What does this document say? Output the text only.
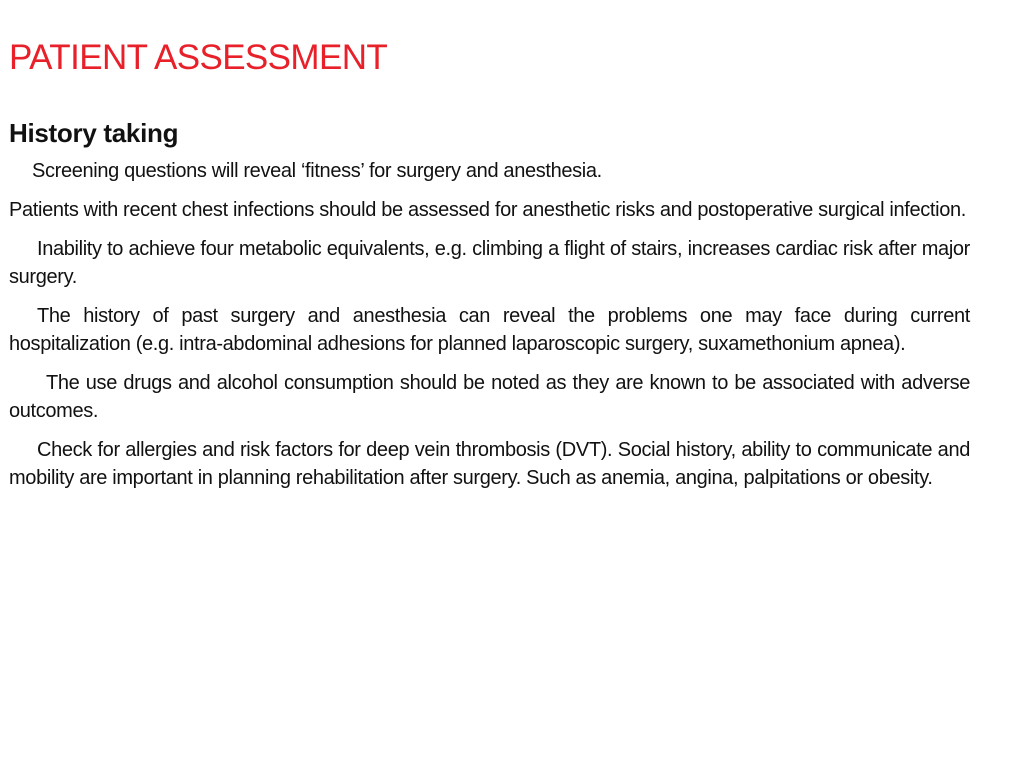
PATIENT ASSESSMENT
History taking

Screening questions will reveal ‘fitness’ for surgery and anesthesia.

Patients with recent chest infections should be assessed for anesthetic risks and postoperative surgical infection.

Inability to achieve four metabolic equivalents, e.g. climbing a flight of stairs, increases cardiac risk after major surgery.

The history of past surgery and anesthesia can reveal the problems one may face during current hospitalization (e.g. intra-abdominal adhesions for planned laparoscopic surgery, suxamethonium apnea).

The use drugs and alcohol consumption should be noted as they are known to be associated with adverse outcomes.

Check for allergies and risk factors for deep vein thrombosis (DVT). Social history, ability to communicate and mobility are important in planning rehabilitation after surgery. Such as anemia, angina, palpitations or obesity.
